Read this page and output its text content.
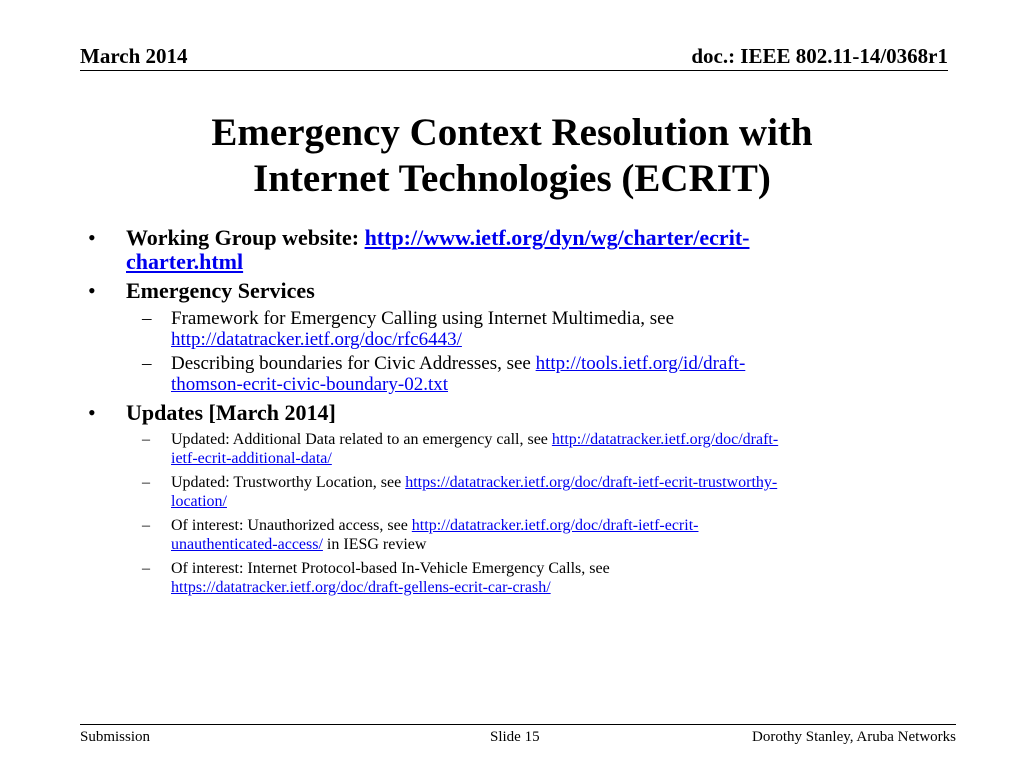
March 2014	doc.: IEEE 802.11-14/0368r1
Emergency Context Resolution with
Internet Technologies (ECRIT)
• Working Group website: http://www.ietf.org/dyn/wg/charter/ecrit-
charter.html
• Emergency Services
– Framework for Emergency Calling using Internet Multimedia, see
http://datatracker.ietf.org/doc/rfc6443/
– Describing boundaries for Civic Addresses, see http://tools.ietf.org/id/draft-
thomson-ecrit-civic-boundary-02.txt
• Updates [March 2014]
– Updated: Additional Data related to an emergency call, see http://datatracker.ietf.org/doc/draft-
ietf-ecrit-additional-data/
– Updated: Trustworthy Location, see https://datatracker.ietf.org/doc/draft-ietf-ecrit-trustworthy-
location/
– Of interest: Unauthorized access, see http://datatracker.ietf.org/doc/draft-ietf-ecrit-
unauthenticated-access/ in IESG review
– Of interest: Internet Protocol-based In-Vehicle Emergency Calls, see
https://datatracker.ietf.org/doc/draft-gellens-ecrit-car-crash/
Submission	Slide 15	Dorothy Stanley, Aruba Networks
